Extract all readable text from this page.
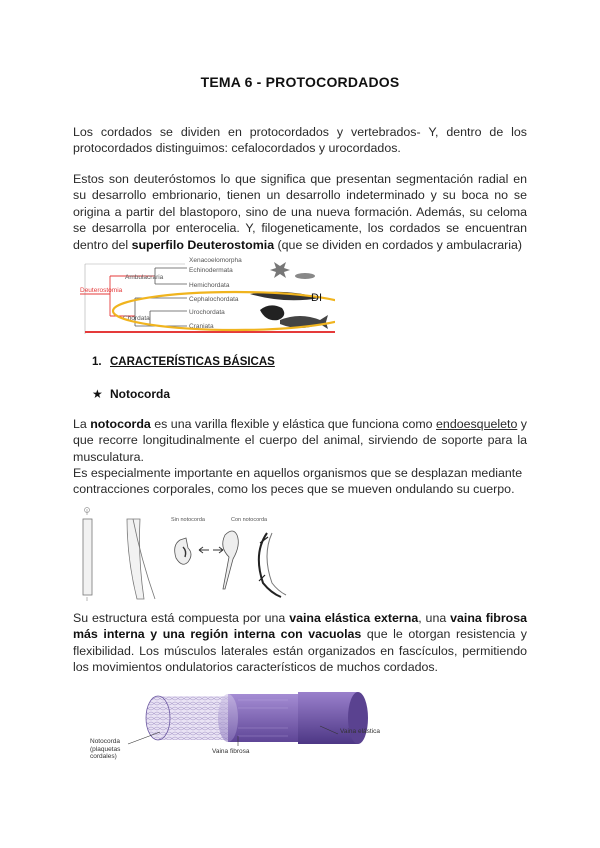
TEMA 6 - PROTOCORDADOS
Los cordados se dividen en protocordados y vertebrados- Y, dentro de los protocordados distinguimos: cefalocordados y urocordados.
Estos son deuteróstomos lo que significa que presentan segmentación radial en su desarrollo embrionario, tienen un desarrollo indeterminado y su boca no se origina a partir del blastoporo, sino de una nueva formación. Además, su celoma se desarrolla por enterocelia. Y, filogeneticamente, los cordados se encuentran dentro del superfilo Deuterostomia (que se dividen en cordados y ambulacraria)
Xenacoelomorpha
Echinodermata
Hemichordata
Cephalochordata
Urochordata
Craniata
Ambulacraria
Deuterostomia
Chordata
DI
1. CARACTERÍSTICAS BÁSICAS
★ Notocorda
La notocorda es una varilla flexible y elástica que funciona como endoesqueleto y que recorre longitudinalmente el cuerpo del animal, sirviendo de soporte para la musculatura.
Es especialmente importante en aquellos organismos que se desplazan mediante contracciones corporales, como los peces que se mueven ondulando su cuerpo.
Sin notocorda	Con notocorda
Su estructura está compuesta por una vaina elástica externa, una vaina fibrosa más interna y una región interna con vacuolas que le otorgan resistencia y flexibilidad. Los músculos laterales están organizados en fascículos, permitiendo los movimientos ondulatorios característicos de muchos cordados.
Notocorda (plaquetas cordales)
Vaina fibrosa
Vaina elástica
